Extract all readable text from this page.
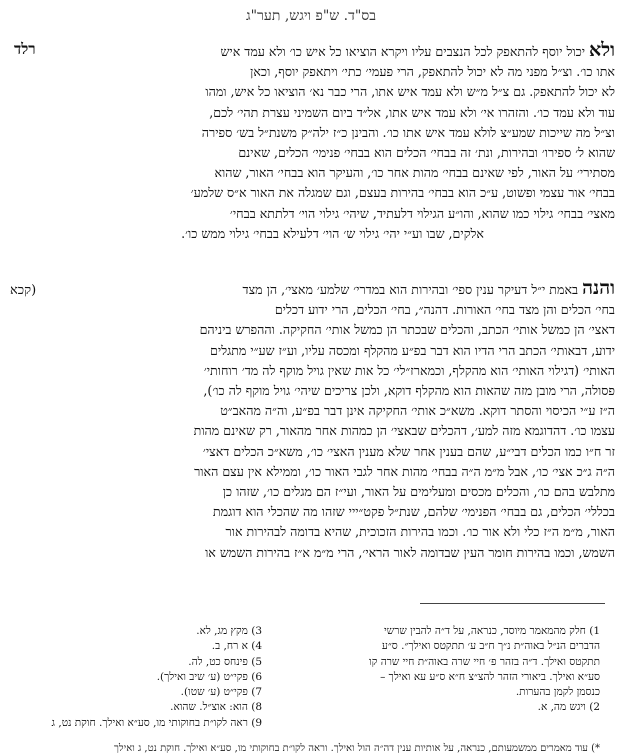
בס"ד. ש"פ ויגש, תער"ג
רלד
קכא)
ולא יכול יוסף להתאפק לכל הנצבים עליו ויקרא הוציאו כל איש כו׳ ולא עמד איש
אתו כו׳. וצ״ל מפני מה לא יכול להתאפק, הרי פעמי׳ כתי׳ ויתאפק יוסף, וכאן
לא יכול להתאפק. גם צ״ל מ״ש ולא עמד איש אתו, הרי כבר נא׳ הוציאו כל איש, ומהו
עוד ולא עמד כו׳. והזהרו אי׳ ולא עמד איש אתו, אל״ד ביום השמיני עצרת תהי׳ לכם,
וצ״ל מה שייכות שמע״צ לולא עמד איש אתו כו׳. והבינן כ״ז ילה״ק משנת״ל בש׳ ספירה
שהוא ל׳ ספירו׳ ובהירות, ונת׳ זה בבחי׳ הכלים הוא בבחי׳ פנימי׳ הכלים, שאינם
מסתירי׳ על האור, לפי שאינם בבחי׳ מהות אחר כו׳, והעיקר הוא בבחי׳ האור, שהוא
בבחי׳ אור עצמי ופשוט, ע״כ הוא בבחי׳ בהירות בעצם, וגם שמגלה את האור א״ס שלמע׳
מאצי׳ בבחי׳ גילוי כמו שהוא, והו״ע הגילוי דלעתיד, שיהי׳ גילוי הוי׳ דלתתא בבחי׳
אלקים, שבו וע״י יהי׳ גילוי ש׳ הוי׳ דלעילא בבחי׳ גילוי ממש כו׳.
והנה באמת י״ל דעיקר ענין ספי׳ ובהירות הוא במדרי׳ שלמע׳ מאצי׳, הן מצד
בחי׳ הכלים והן מצד בחי׳ האורות. דהנה״, בחי׳ הכלים, הרי ידוע דכלים
דאצי׳ הן כמשל אותי׳ הכתב, והכלים שבכתר הן כמשל אותי׳ החקיקה. וההפרש ביניהם
ידוע, דבאותי׳ הכתב הרי הדיו הוא דבר בפ״ע מהקלף ומכסה עליו, וע״ז שע״י מתגלים
האותי׳ (דגילוי האותי׳ הוא מהקלף, וכמארז״לי׳ כל אות שאין גויל מוקף לה מד׳ רוחותי׳
פסולה, הרי מובן מזה שהאות הוא מהקלף דוקא, ולכן צריכים שיהי׳ גויל מוקף לה כו׳),
ה״ז ע״י הכיסוי והסתר דוקא. משא״כ אותי׳ החקיקה אינן דבר בפ״ע, וה״ה מהאב״ט
עצמו כו׳. דהדוגמא מזה למע׳, דהכלים שבאצי׳ הן כמהות אחר מהאור, רק שאינם מהות
זר ח״ו כמו הכלים דבי״ע, שהם בענין אחר שלא מענין האצי׳ כו׳, משא״כ הכלים דאצי׳
ה״ה ג״כ אצי׳ כו׳, אבל מ״מ ה״ה בבחי׳ מהות אחר לגבי האור כו׳, וממילא אין עצם האור
מתלבש בהם כו׳, והכלים מכסים ומעלימים על האור, ועי״ז הם מגלים כו׳, שזהו כן
בכללי׳ הכלים, גם בבחי׳ הפנימי׳ שלהם, שנת״ל פקט״ייי שזהו מה שהכלי הוא דוגמת
האור, מ״מ ה״ז כלי ולא אור כו׳. וכמו בהירות הזכוכית, שהיא בדומה לבהירות אור
השמש, וכמו בהירות חומר העין שבדומה לאור הראי׳, הרי מ״מ א״ז בהירות השמש או
1) חלק מהמאמר מיוסד, כנראה, על ד״ה להבין שרשי
הדברים הנ״ל באוה״ת נ״ך ח״ב ע׳ תתקטס ואילך״. ס״ע
תתקטס ואילך. ד״ה בזהר פ׳ חיי שרה באוה״ת חיי שרה קו
סע״א ואילך. ביאורי הזהר להצ״צ ח״א ס״ע עא ואילך –
כנסמן לקמן בהערות.
2) ויגש מה, א.
3) מקץ מג, לא.
4) א רח, ב.
5) פינחס כט, לה.
6) פקי״ט (ע׳ שיב ואילך).
7) פקי״ט (ע׳ שטו).
8) הוא: אוצ״ל. שהוא.
9) ראה לקו״ת בחוקותי מו, סע״א ואילך. חוקת נט, ג
*) עוד מאמרים ממשמעותם, כנראה, על אותיות ענין דה״ה הול ואילך. וראה לקו״ת בחוקותי מו, סע״א ואילך. חוקת נט, ג ואילך
